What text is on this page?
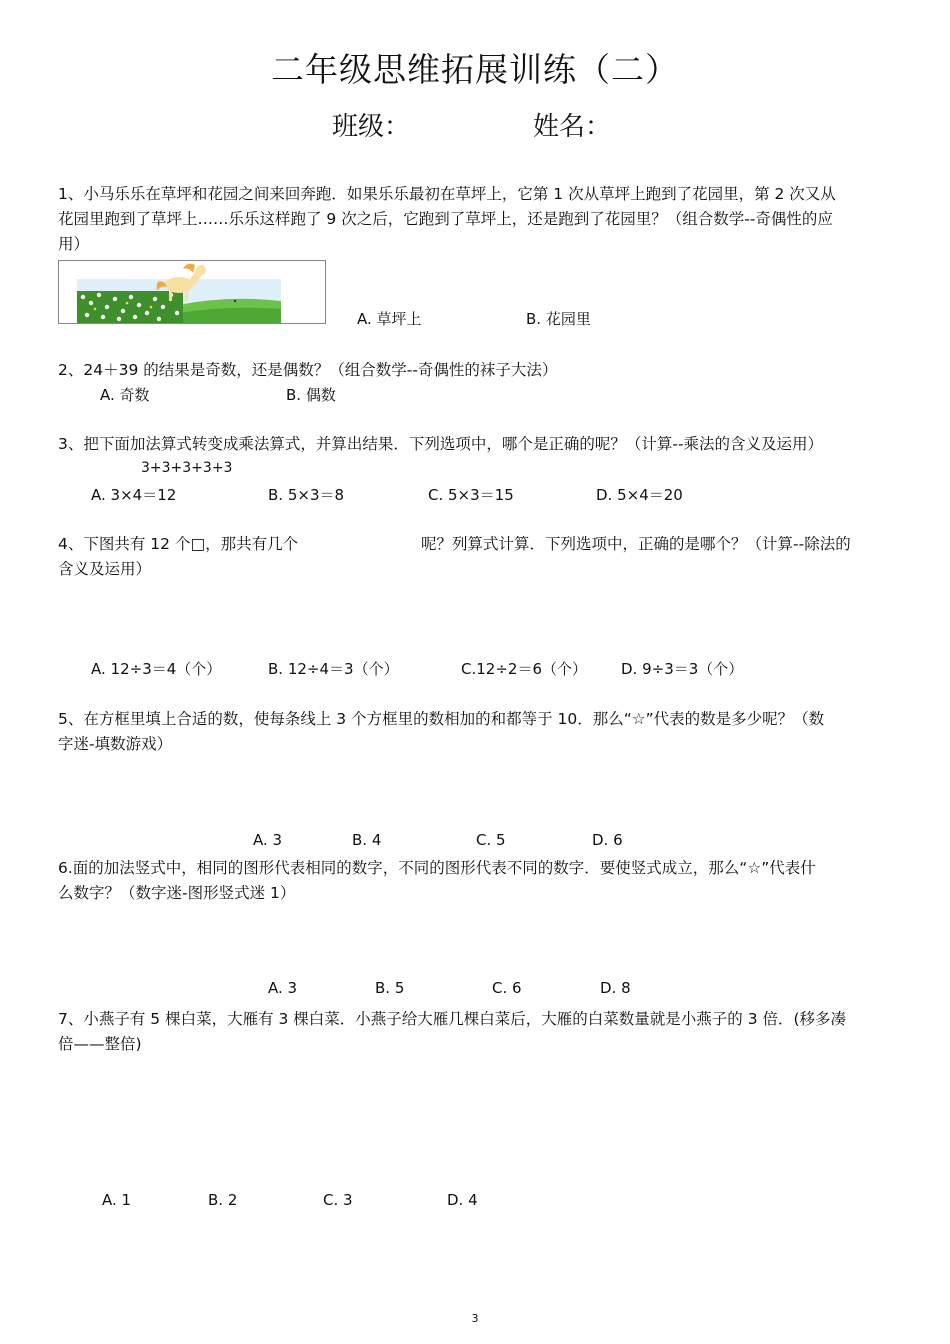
二年级思维拓展训练（二）
班级：	姓名：
1、小马乐乐在草坪和花园之间来回奔跑．如果乐乐最初在草坪上，它第 1 次从草坪上跑到了花园里，第 2 次又从
花园里跑到了草坪上……乐乐这样跑了 9 次之后，它跑到了草坪上，还是跑到了花园里？（组合数学--奇偶性的应
用）
A. 草坪上	B. 花园里
2、24＋39 的结果是奇数，还是偶数？（组合数学--奇偶性的袜子大法）
A. 奇数	B. 偶数
3、把下面加法算式转变成乘法算式，并算出结果．下列选项中，哪个是正确的呢？（计算--乘法的含义及运用）
3+3+3+3+3
A. 3×4＝12	B. 5×3＝8	C. 5×3＝15	D. 5×4＝20
4、下图共有 12 个□，那共有几个	呢？列算式计算．下列选项中，正确的是哪个？（计算--除法的
含义及运用）
A. 12÷3＝4（个）	B. 12÷4＝3（个）	C.12÷2＝6（个） D. 9÷3＝3（个）
5、在方框里填上合适的数，使每条线上 3 个方框里的数相加的和都等于 10．那么“☆”代表的数是多少呢？（数
字迷-填数游戏）
A. 3	B. 4	C. 5	D. 6
6.面的加法竖式中，相同的图形代表相同的数字，不同的图形代表不同的数字．要使竖式成立，那么“☆”代表什
么数字？（数字迷-图形竖式迷 1）
A. 3	B. 5	C. 6	D. 8
7、小燕子有 5 棵白菜，大雁有 3 棵白菜．小燕子给大雁几棵白菜后，大雁的白菜数量就是小燕子的 3 倍．(移多凑
倍——整倍)
A. 1	B. 2	C. 3	D. 4
3
